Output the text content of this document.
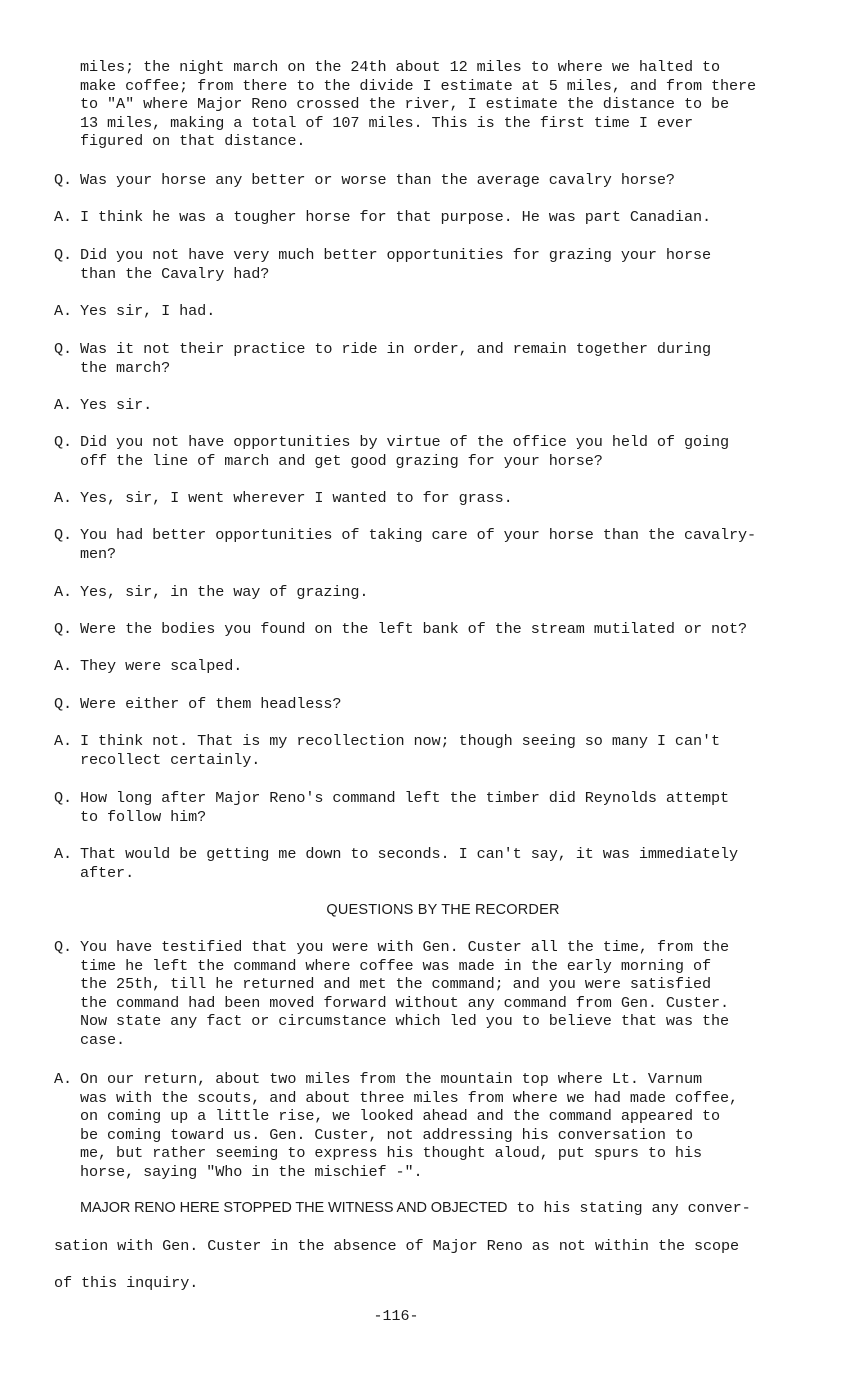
miles; the night march on the 24th about 12 miles to where we halted to
make coffee; from there to the divide I estimate at 5 miles, and from there
to "A" where Major Reno crossed the river, I estimate the distance to be
13 miles, making a total of 107 miles. This is the first time I ever
figured on that distance.
Q. Was your horse any better or worse than the average cavalry horse?
A. I think he was a tougher horse for that purpose. He was part Canadian.
Q. Did you not have very much better opportunities for grazing your horse
than the Cavalry had?
A. Yes sir, I had.
Q. Was it not their practice to ride in order, and remain together during
the march?
A. Yes sir.
Q. Did you not have opportunities by virtue of the office you held of going
off the line of march and get good grazing for your horse?
A. Yes, sir, I went wherever I wanted to for grass.
Q. You had better opportunities of taking care of your horse than the cavalry-
men?
A. Yes, sir, in the way of grazing.
Q. Were the bodies you found on the left bank of the stream mutilated or not?
A. They were scalped.
Q. Were either of them headless?
A. I think not. That is my recollection now; though seeing so many I can't
recollect certainly.
Q. How long after Major Reno's command left the timber did Reynolds attempt
to follow him?
A. That would be getting me down to seconds. I can't say, it was immediately
after.
QUESTIONS BY THE RECORDER
Q. You have testified that you were with Gen. Custer all the time, from the
time he left the command where coffee was made in the early morning of
the 25th, till he returned and met the command; and you were satisfied
the command had been moved forward without any command from Gen. Custer.
Now state any fact or circumstance which led you to believe that was the
case.
A. On our return, about two miles from the mountain top where Lt. Varnum
was with the scouts, and about three miles from where we had made coffee,
on coming up a little rise, we looked ahead and the command appeared to
be coming toward us. Gen. Custer, not addressing his conversation to
me, but rather seeming to express his thought aloud, put spurs to his
horse, saying "Who in the mischief -".
MAJOR RENO HERE STOPPED THE WITNESS AND OBJECTED to his stating any conver-
sation with Gen. Custer in the absence of Major Reno as not within the scope
of this inquiry.
-116-
